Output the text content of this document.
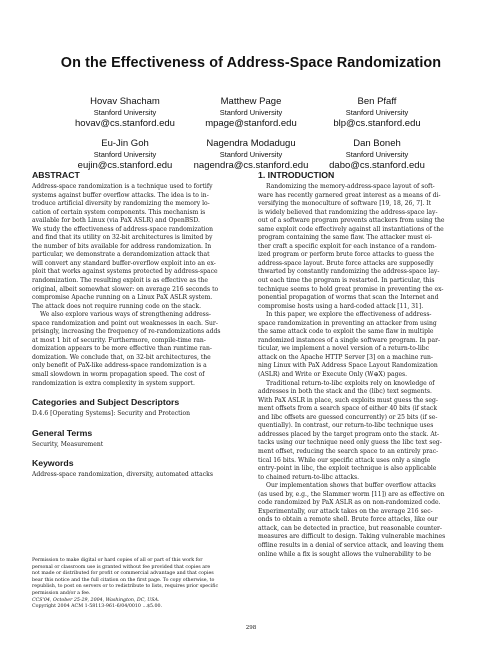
On the Effectiveness of Address-Space Randomization
Hovav Shacham
Stanford University
hovav@cs.stanford.edu
Matthew Page
Stanford University
mpage@stanford.edu
Ben Pfaff
Stanford University
blp@cs.stanford.edu
Eu-Jin Goh
Stanford University
eujin@cs.stanford.edu
Nagendra Modadugu
Stanford University
nagendra@cs.stanford.edu
Dan Boneh
Stanford University
dabo@cs.stanford.edu
ABSTRACT

Address-space randomization is a technique used to fortify
systems against buffer overflow attacks. The idea is to in-
troduce artificial diversity by randomizing the memory lo-
cation of certain system components. This mechanism is
available for both Linux (via PaX ASLR) and OpenBSD.
We study the effectiveness of address-space randomization
and find that its utility on 32-bit architectures is limited by
the number of bits available for address randomization. In
particular, we demonstrate a derandomization attack that
will convert any standard buffer-overflow exploit into an ex-
ploit that works against systems protected by address-space
randomization. The resulting exploit is as effective as the
original, albeit somewhat slower: on average 216 seconds to
compromise Apache running on a Linux PaX ASLR system.
The attack does not require running code on the stack.

We also explore various ways of strengthening address-
space randomization and point out weaknesses in each. Sur-
prisingly, increasing the frequency of re-randomizations adds
at most 1 bit of security. Furthermore, compile-time ran-
domization appears to be more effective than runtime ran-
domization. We conclude that, on 32-bit architectures, the
only benefit of PaX-like address-space randomization is a
small slowdown in worm propagation speed. The cost of
randomization is extra complexity in system support.

Categories and Subject Descriptors

D.4.6 [Operating Systems]: Security and Protection

General Terms

Security, Measurement

Keywords

Address-space randomization, diversity, automated attacks

Permission to make digital or hard copies of all or part of this work for
personal or classroom use is granted without fee provided that copies are
not made or distributed for profit or commercial advantage and that copies
bear this notice and the full citation on the first page. To copy otherwise, to
republish, to post on servers or to redistribute to lists, requires prior specific
permission and/or a fee.

CCS'04, October 25-29, 2004, Washington, DC, USA.

Copyright 2004 ACM 1-58113-961-6/04/0010 ...$5.00.

1. INTRODUCTION

Randomizing the memory-address-space layout of soft-
ware has recently garnered great interest as a means of di-
versifying the monoculture of software [19, 18, 26, 7]. It
is widely believed that randomizing the address-space lay-
out of a software program prevents attackers from using the
same exploit code effectively against all instantiations of the
program containing the same flaw. The attacker must ei-
ther craft a specific exploit for each instance of a random-
ized program or perform brute force attacks to guess the
address-space layout. Brute force attacks are supposedly
thwarted by constantly randomizing the address-space lay-
out each time the program is restarted. In particular, this
technique seems to hold great promise in preventing the ex-
ponential propagation of worms that scan the Internet and
compromise hosts using a hard-coded attack [11, 31].

In this paper, we explore the effectiveness of address-
space randomization in preventing an attacker from using
the same attack code to exploit the same flaw in multiple
randomized instances of a single software program. In par-
ticular, we implement a novel version of a return-to-libc
attack on the Apache HTTP Server [3] on a machine run-
ning Linux with PaX Address Space Layout Randomization
(ASLR) and Write or Execute Only (W⊕X) pages.

Traditional return-to-libc exploits rely on knowledge of
addresses in both the stack and the (libc) text segments.
With PaX ASLR in place, such exploits must guess the seg-
ment offsets from a search space of either 40 bits (if stack
and libc offsets are guessed concurrently) or 25 bits (if se-
quentially). In contrast, our return-to-libc technique uses
addresses placed by the target program onto the stack. At-
tacks using our technique need only guess the libc text seg-
ment offset, reducing the search space to an entirely prac-
tical 16 bits. While our specific attack uses only a single
entry-point in libc, the exploit technique is also applicable
to chained return-to-libc attacks.

Our implementation shows that buffer overflow attacks
(as used by, e.g., the Slammer worm [11]) are as effective on
code randomized by PaX ASLR as on non-randomized code.
Experimentally, our attack takes on the average 216 sec-
onds to obtain a remote shell. Brute force attacks, like our
attack, can be detected in practice, but reasonable counter-
measures are difficult to design. Taking vulnerable machines
offline results in a denial of service attack, and leaving them
online while a fix is sought allows the vulnerability to be

298
